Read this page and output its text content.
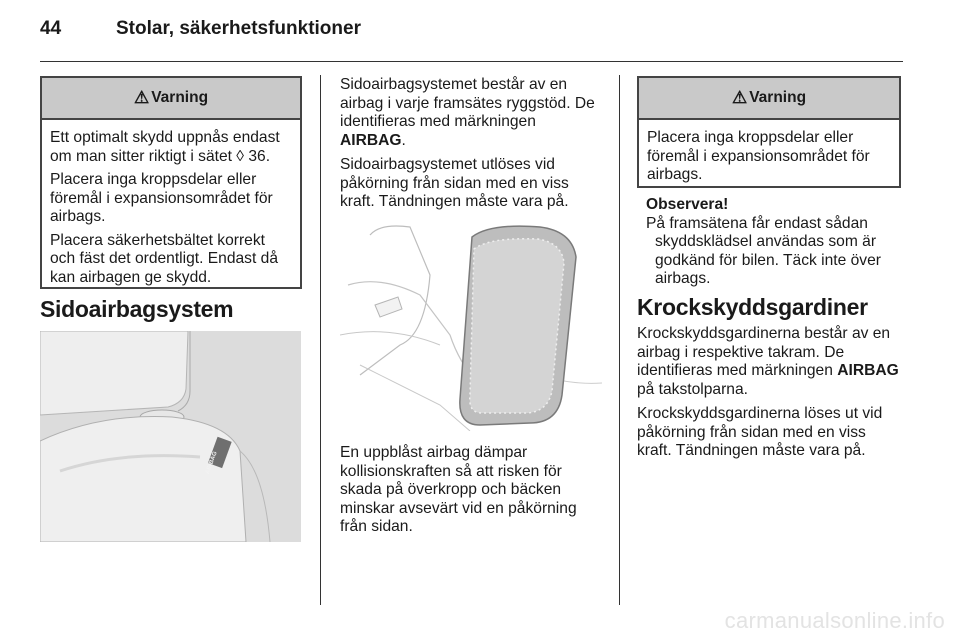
44	Stolar, säkerhetsfunktioner
⚠ Varning

Ett optimalt skydd uppnås endast om man sitter riktigt i sätet ◊ 36.

Placera inga kroppsdelar eller föremål i expansionsområdet för airbags.

Placera säkerhetsbältet korrekt och fäst det ordentligt. Endast då kan airbagen ge skydd.

Sidoairbagsystem
AIRBAG

Sidoairbagsystemet består av en airbag i varje framsätes ryggstöd. De identifieras med märkningen
AIRBAG.

Sidoairbagsystemet utlöses vid påkörning från sidan med en viss kraft. Tändningen måste vara på.

En uppblåst airbag dämpar kollisionskraften så att risken för skada på överkropp och bäcken minskar avsevärt vid en påkörning från sidan.

⚠ Varning

Placera inga kroppsdelar eller föremål i expansionsområdet för airbags.

Observera!
På framsätena får endast sådan skyddsklädsel användas som är godkänd för bilen. Täck inte över airbags.
Krockskyddsgardiner

Krockskyddsgardinerna består av en airbag i respektive takram. De identifieras med märkningen AIRBAG på takstolparna.

Krockskyddsgardinerna löses ut vid påkörning från sidan med en viss kraft. Tändningen måste vara på.

carmanualsonline.info
